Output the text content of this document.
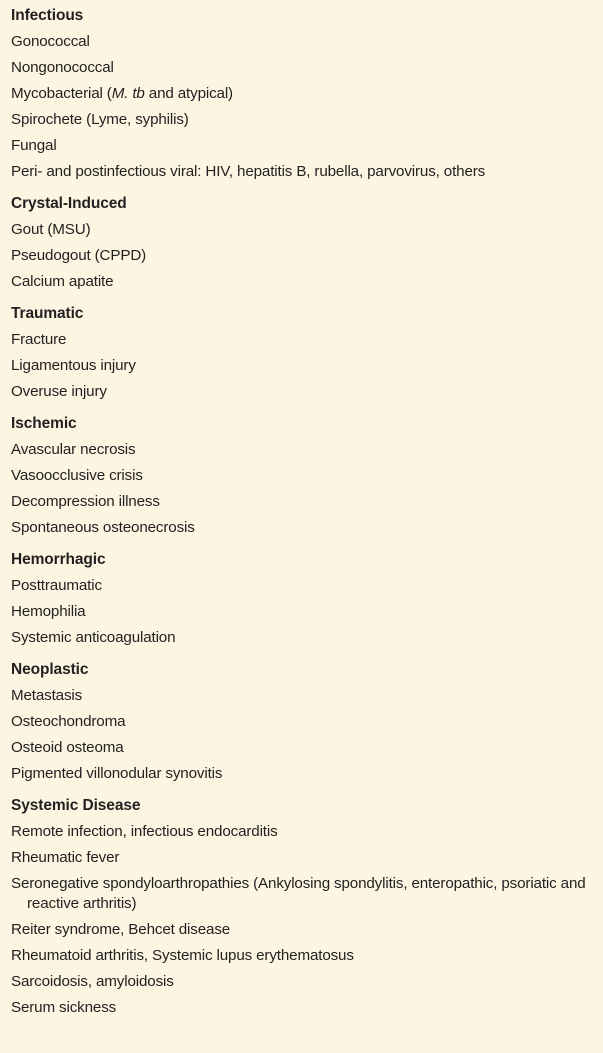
Infectious
Gonococcal
Nongonococcal
Mycobacterial (M. tb and atypical)
Spirochete (Lyme, syphilis)
Fungal
Peri- and postinfectious viral: HIV, hepatitis B, rubella, parvovirus, others
Crystal-Induced
Gout (MSU)
Pseudogout (CPPD)
Calcium apatite
Traumatic
Fracture
Ligamentous injury
Overuse injury
Ischemic
Avascular necrosis
Vasoocclusive crisis
Decompression illness
Spontaneous osteonecrosis
Hemorrhagic
Posttraumatic
Hemophilia
Systemic anticoagulation
Neoplastic
Metastasis
Osteochondroma
Osteoid osteoma
Pigmented villonodular synovitis
Systemic Disease
Remote infection, infectious endocarditis
Rheumatic fever
Seronegative spondyloarthropathies (Ankylosing spondylitis, enteropathic, psoriatic and reactive arthritis)
Reiter syndrome, Behcet disease
Rheumatoid arthritis, Systemic lupus erythematosus
Sarcoidosis, amyloidosis
Serum sickness
